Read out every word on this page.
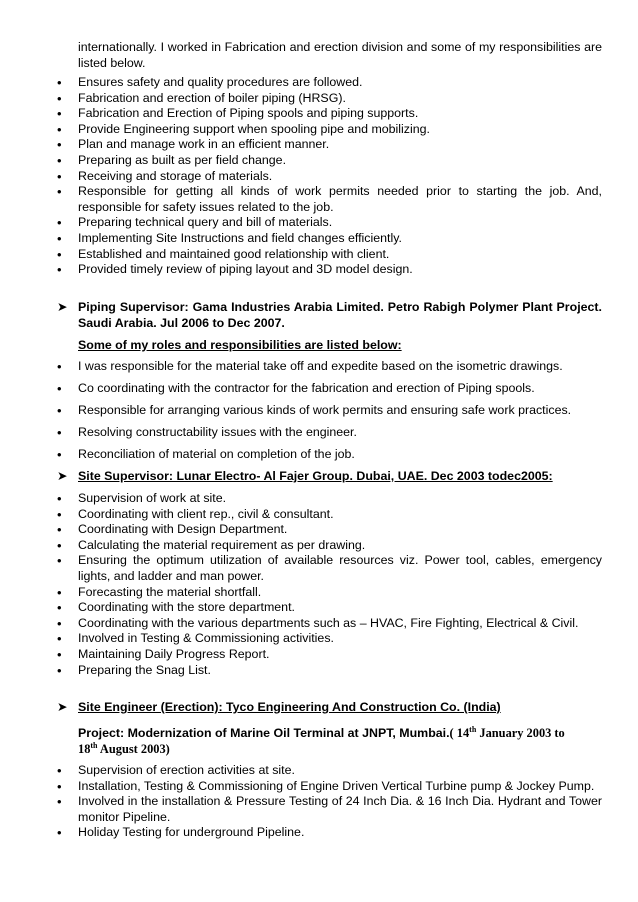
internationally. I worked in Fabrication and erection division and some of my responsibilities are listed below.

• Ensures safety and quality procedures are followed.
• Fabrication and erection of boiler piping (HRSG).
• Fabrication and Erection of Piping spools and piping supports.
• Provide Engineering support when spooling pipe and mobilizing.
• Plan and manage work in an efficient manner.
• Preparing as built as per field change.
• Receiving and storage of materials.
• Responsible for getting all kinds of work permits needed prior to starting the job. And, responsible for safety issues related to the job.
• Preparing technical query and bill of materials.
• Implementing Site Instructions and field changes efficiently.
• Established and maintained good relationship with client.
• Provided timely review of piping layout and 3D model design.
➤ Piping Supervisor: Gama Industries Arabia Limited. Petro Rabigh Polymer Plant Project. Saudi Arabia. Jul 2006 to Dec 2007.
Some of my roles and responsibilities are listed below:
• I was responsible for the material take off and expedite based on the isometric drawings.
• Co coordinating with the contractor for the fabrication and erection of Piping spools.
• Responsible for arranging various kinds of work permits and ensuring safe work practices.
• Resolving constructability issues with the engineer.
• Reconciliation of material on completion of the job.
➤ Site Supervisor: Lunar Electro- Al Fajer Group. Dubai, UAE. Dec 2003 todec2005:
• Supervision of work at site.
• Coordinating with client rep., civil & consultant.
• Coordinating with Design Department.
• Calculating the material requirement as per drawing.
• Ensuring the optimum utilization of available resources viz. Power tool, cables, emergency lights, and ladder and man power.
• Forecasting the material shortfall.
• Coordinating with the store department.
• Coordinating with the various departments such as – HVAC, Fire Fighting, Electrical & Civil.
• Involved in Testing & Commissioning activities.
• Maintaining Daily Progress Report.
• Preparing the Snag List.
➤ Site Engineer (Erection): Tyco Engineering And Construction Co. (India)
Project: Modernization of Marine Oil Terminal at JNPT, Mumbai.( 14th January 2003 to
18th August 2003)
• Supervision of erection activities at site.
• Installation, Testing & Commissioning of Engine Driven Vertical Turbine pump & Jockey Pump.
• Involved in the installation & Pressure Testing of 24 Inch Dia. & 16 Inch Dia. Hydrant and Tower monitor Pipeline.
• Holiday Testing for underground Pipeline.
